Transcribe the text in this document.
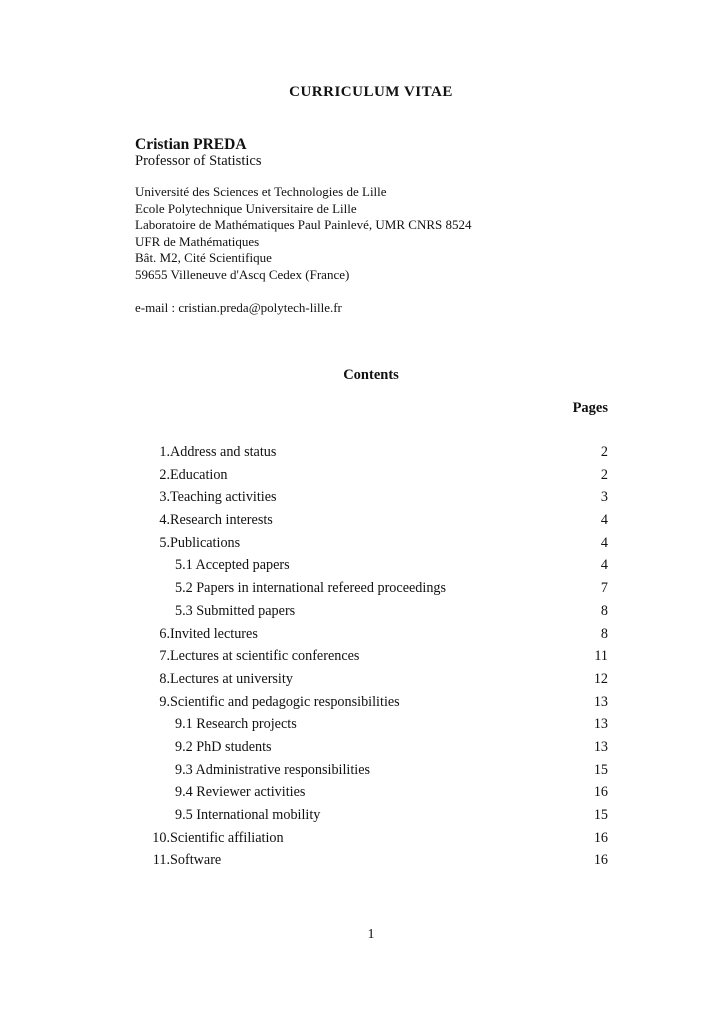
CURRICULUM VITAE
Cristian PREDA
Professor of Statistics
Université des Sciences et Technologies de Lille
Ecole Polytechnique Universitaire de Lille
Laboratoire de Mathématiques Paul Painlevé, UMR CNRS 8524
UFR de Mathématiques
Bât. M2, Cité Scientifique
59655 Villeneuve d'Ascq Cedex (France)
e-mail : cristian.preda@polytech-lille.fr
Contents
Pages
1. Address and status	2
2. Education	2
3. Teaching activities	3
4. Research interests	4
5. Publications	4
5.1 Accepted papers	4
5.2 Papers in international refereed proceedings	7
5.3 Submitted papers	8
6. Invited lectures	8
7. Lectures at scientific conferences	11
8. Lectures at university	12
9. Scientific and pedagogic responsibilities	13
9.1 Research projects	13
9.2 PhD students	13
9.3 Administrative responsibilities	15
9.4 Reviewer activities	16
9.5 International mobility	15
10. Scientific affiliation	16
11. Software	16
1
